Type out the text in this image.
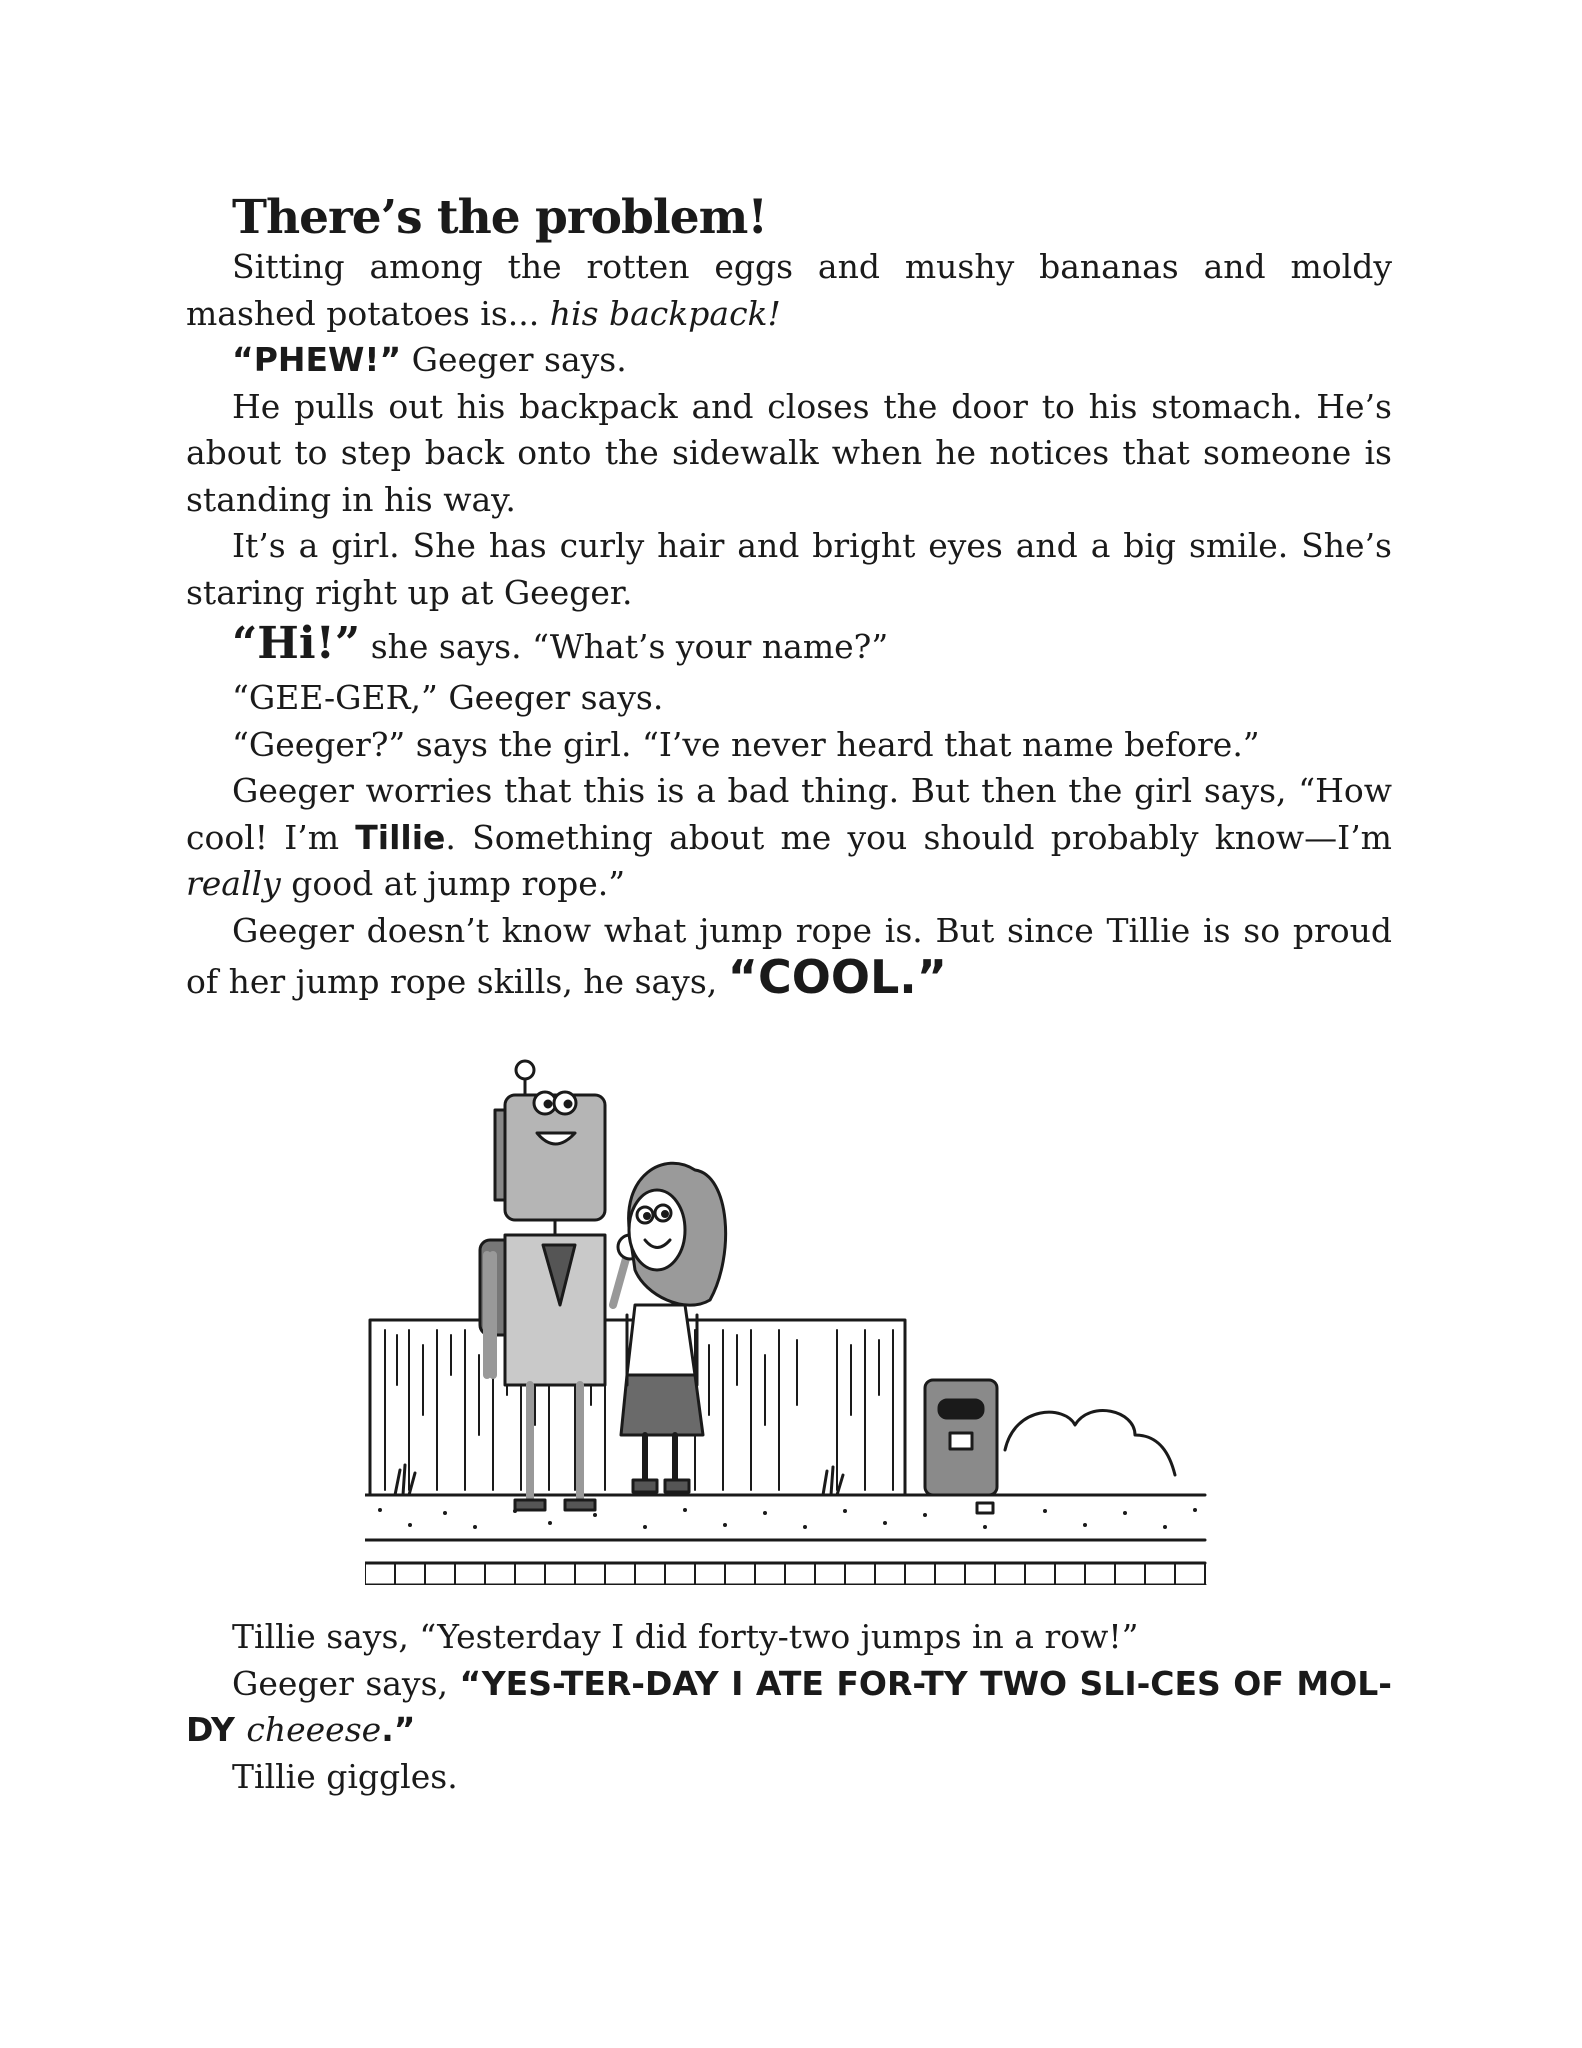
There’s the problem!

Sitting among the rotten eggs and mushy bananas and moldy mashed potatoes is... his backpack!

“PHEW!” Geeger says.

He pulls out his backpack and closes the door to his stomach. He’s about to step back onto the sidewalk when he notices that someone is standing in his way.

It’s a girl. She has curly hair and bright eyes and a big smile. She’s staring right up at Geeger.

“Hi!” she says. “What’s your name?”

“GEE-GER,” Geeger says.

“Geeger?” says the girl. “I’ve never heard that name before.”

Geeger worries that this is a bad thing. But then the girl says, “How cool! I’m Tillie. Something about me you should probably know—I’m really good at jump rope.”

Geeger doesn’t know what jump rope is. But since Tillie is so proud of her jump rope skills, he says, “COOL.”

Tillie says, “Yesterday I did forty-two jumps in a row!”

Geeger says, “YES-TER-DAY I ATE FOR-TY TWO SLI-CES OF MOL-DY cheeese.”

Tillie giggles.
